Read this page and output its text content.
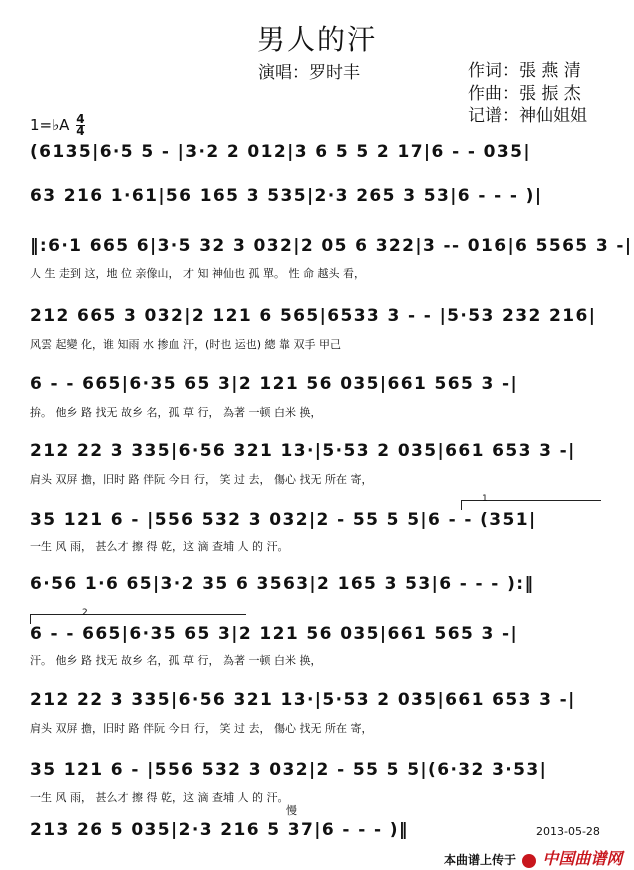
男人的汗
演唱：罗时丰	作词：張 燕 清
作曲：張 振 杰
记谱：神仙姐姐
1=♭A $\frac{4}{4}$
(6135|6·5 5 - |3·2 2 012|3 6 5 5 2 17|6 - - 035|
63 216 1·61|56 165 3 535|2·3 265 3 53|6 - - - )|
‖:6·1 665 6|3·5 32 3 032|2 05 6 322|3 -- 016|6 5565 3 -|
人 生 走到 这，地 位 亲像山， 才 知 神仙也 孤 單。 性 命 越头 看，
212 665 3 032|2 121 6 565|6533 3 - - |5·53 232 216|
风雲 起變 化，谁 知雨 水 掺血 汗，(时也 运也) 總 靠 双手 甲己
6 - - 665|6·35 65 3|2 121 56 035|661 565 3 -|
拚。 他乡 路 找无 故乡 名，孤 草 行， 為著 一顿 白米 换，
212 22 3 335|6·56 321 13·|5·53 2 035|661 653 3 -|
肩头 双屏 擔，旧时 路 伴阮 今日 行， 笑 过 去， 傷心 找无 所在 寄，
1
35 121 6 - |556 532 3 032|2 - 55 5 5|6 - - (351|
一生 风 雨， 甚么才 擦 得 乾，这 滴 查埔 人 的 汗。
6·56 1·6 65|3·2 35 6 3563|2 165 3 53|6 - - - ):‖
2
6 - - 665|6·35 65 3|2 121 56 035|661 565 3 -|
汗。 他乡 路 找无 故乡 名，孤 草 行， 為著 一顿 白米 换，
212 22 3 335|6·56 321 13·|5·53 2 035|661 653 3 -|
肩头 双屏 擔，旧时 路 伴阮 今日 行， 笑 过 去， 傷心 找无 所在 寄，
35 121 6 - |556 532 3 032|2 - 55 5 5|(6·32 3·53|
一生 风 雨， 甚么才 擦 得 乾，这 滴 查埔 人 的 汗。
慢
213 26 5 035|2·3 216 5 37|6 - - - )‖	2013-05-28
本曲谱上传于 中国曲谱网
